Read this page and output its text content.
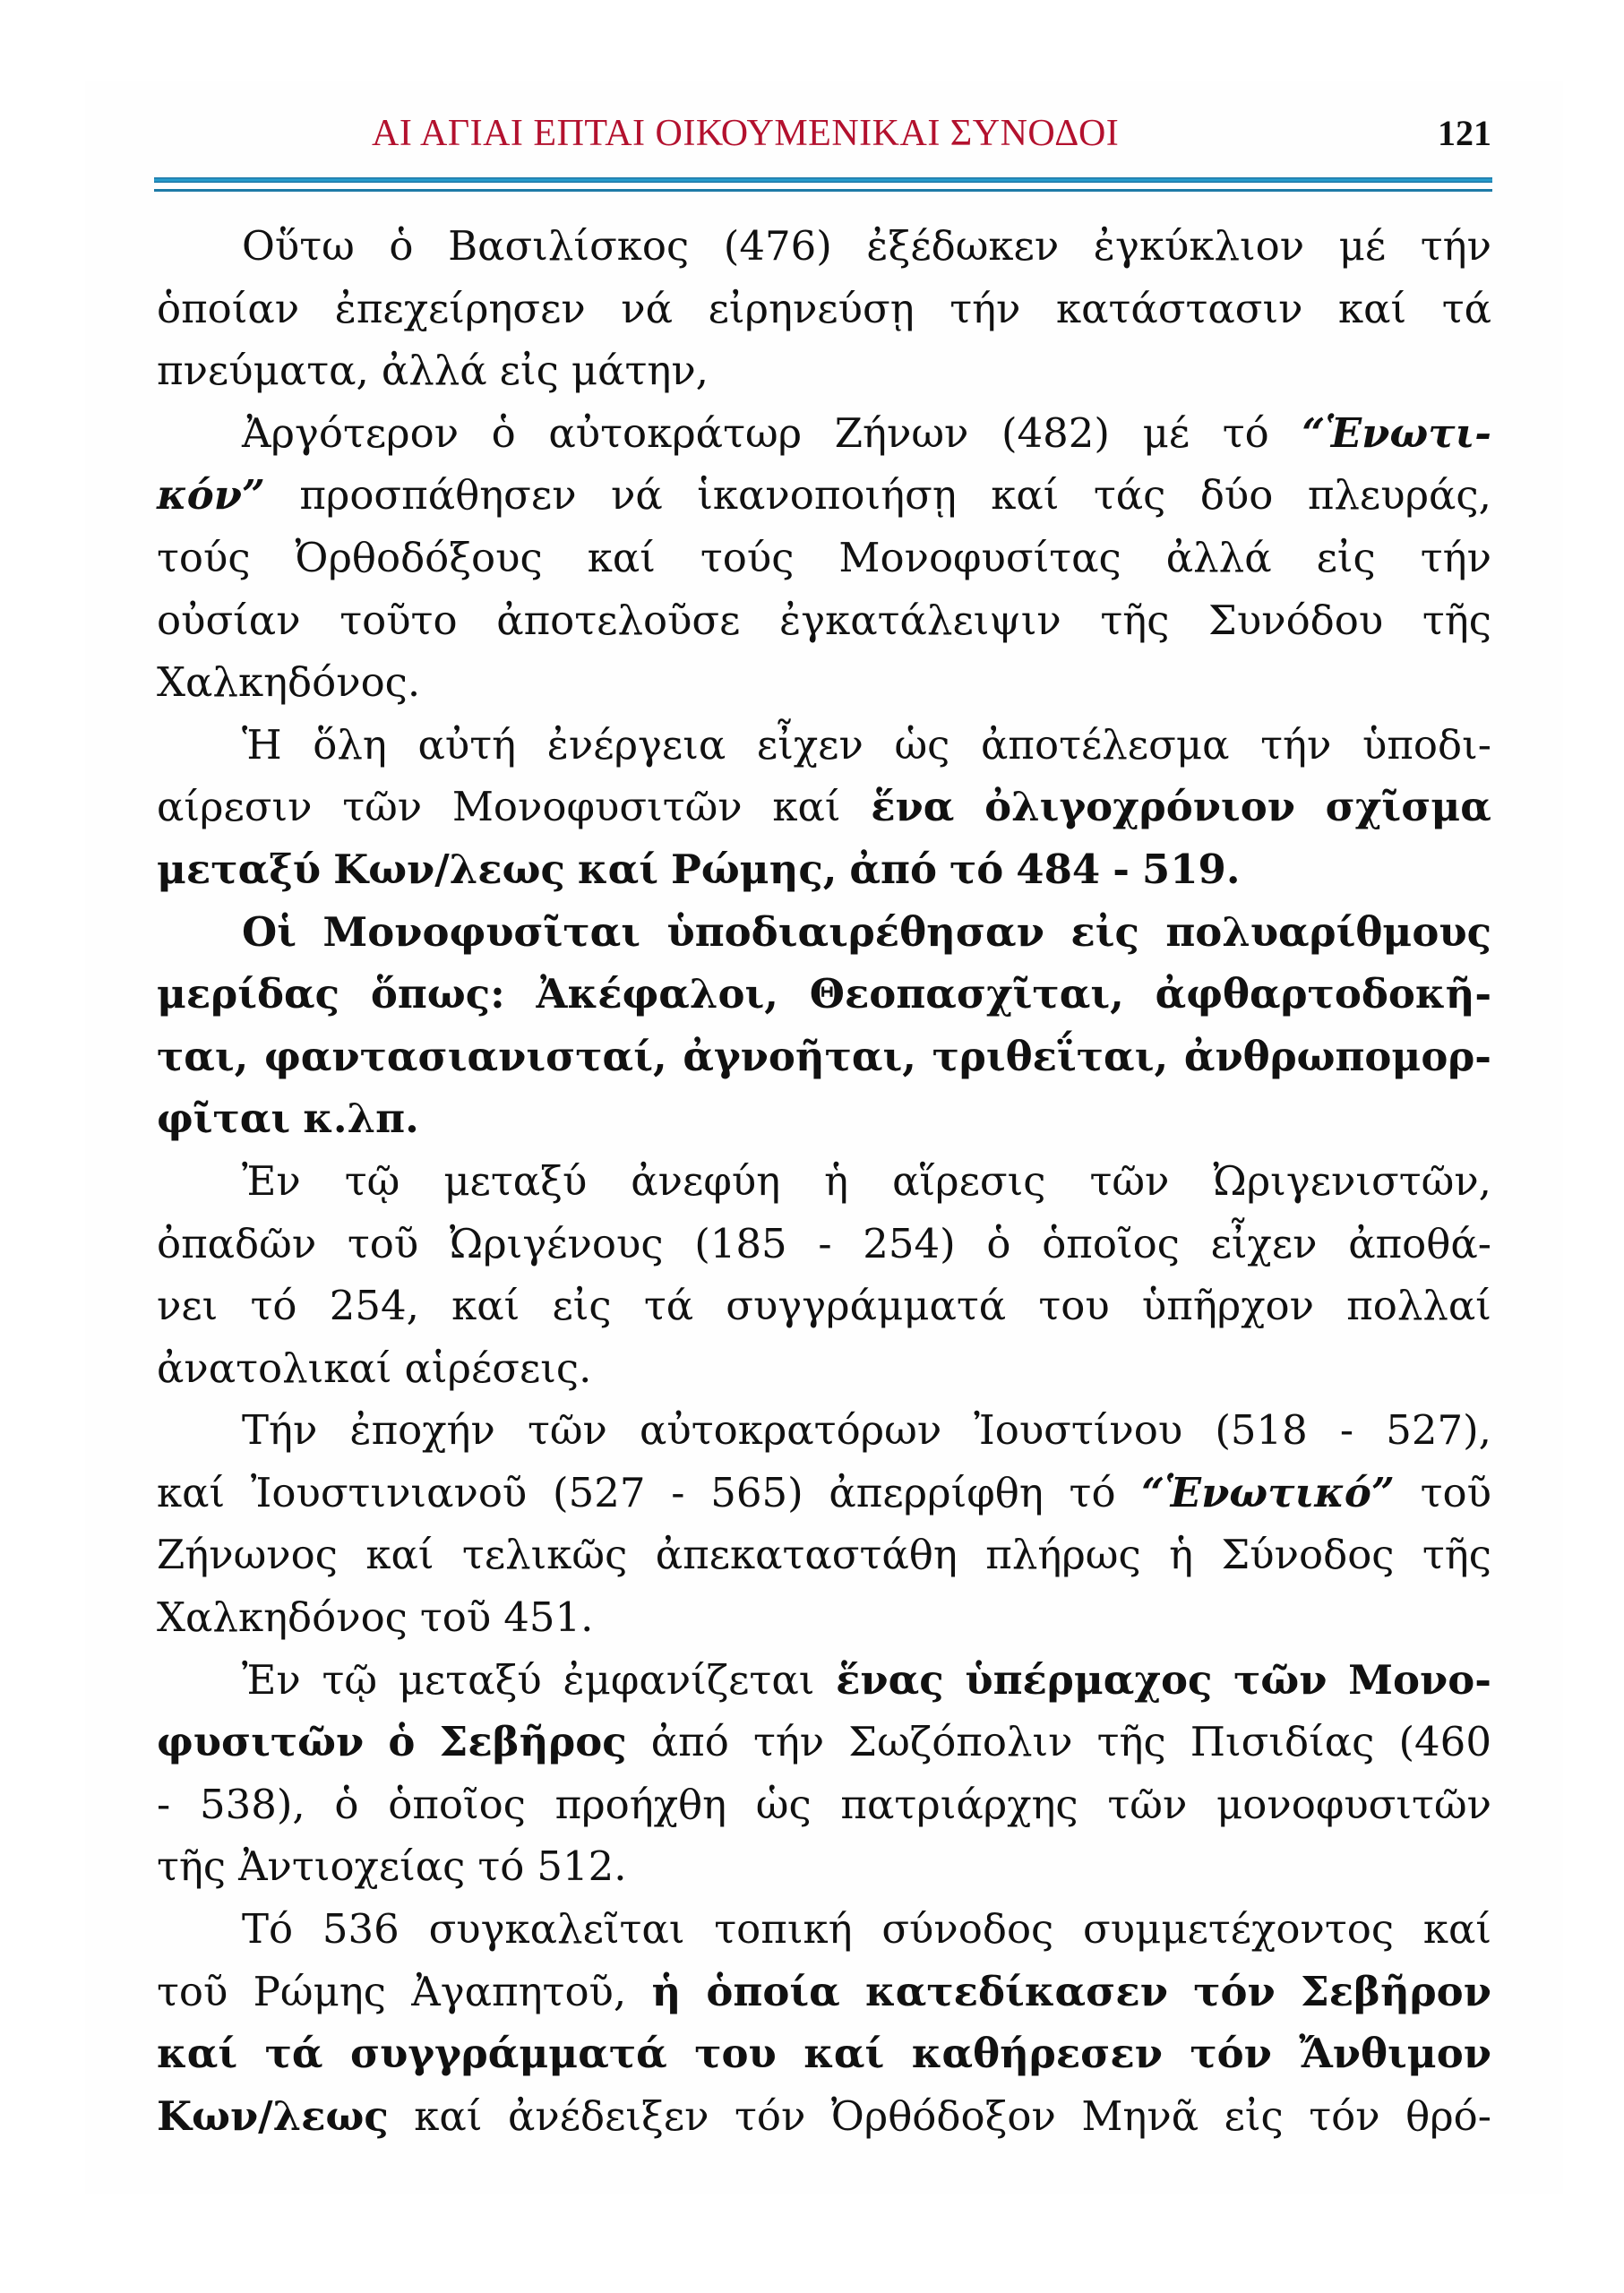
ΑΙ ΑΓΙΑΙ ΕΠΤΑΙ ΟΙΚΟΥΜΕΝΙΚΑΙ ΣΥΝΟΔΟΙ	121
Οὕτω ὁ Βασιλίσκος (476) ἐξέδωκεν ἐγκύκλιον μέ τήν
ὁποίαν ἐπεχείρησεν νά εἰρηνεύσῃ τήν κατάστασιν καί τά
πνεύματα, ἀλλά εἰς μάτην,
Ἀργότερον ὁ αὐτοκράτωρ Ζήνων (482) μέ τό “Ἑνωτι-
κόν” προσπάθησεν νά ἱκανοποιήσῃ καί τάς δύο πλευράς,
τούς Ὀρθοδόξους καί τούς Μονοφυσίτας ἀλλά εἰς τήν
οὐσίαν τοῦτο ἀποτελοῦσε ἐγκατάλειψιν τῆς Συνόδου τῆς
Χαλκηδόνος.
Ἡ ὅλη αὐτή ἐνέργεια εἶχεν ὡς ἀποτέλεσμα τήν ὑποδι-
αίρεσιν τῶν Μονοφυσιτῶν καί ἕνα ὀλιγοχρόνιον σχῖσμα
μεταξύ Κων/λεως καί Ρώμης, ἀπό τό 484 - 519.
Οἱ Μονοφυσῖται ὑποδιαιρέθησαν εἰς πολυαρίθμους
μερίδας ὅπως: Ἀκέφαλοι, Θεοπασχῖται, ἀφθαρτοδοκῆ-
ται, φαντασιανισταί, ἀγνοῆται, τριθεΐται, ἀνθρωπομορ-
φῖται κ.λπ.
Ἐν τῷ μεταξύ ἀνεφύη ἡ αἵρεσις τῶν Ὠριγενιστῶν,
ὀπαδῶν τοῦ Ὠριγένους (185 - 254) ὁ ὁποῖος εἶχεν ἀποθά-
νει τό 254, καί εἰς τά συγγράμματά του ὑπῆρχον πολλαί
ἀνατολικαί αἱρέσεις.
Τήν ἐποχήν τῶν αὐτοκρατόρων Ἰουστίνου (518 - 527),
καί Ἰουστινιανοῦ (527 - 565) ἀπερρίφθη τό “Ἑνωτικό” τοῦ
Ζήνωνος καί τελικῶς ἀπεκαταστάθη πλήρως ἡ Σύνοδος τῆς
Χαλκηδόνος τοῦ 451.
Ἐν τῷ μεταξύ ἐμφανίζεται ἕνας ὑπέρμαχος τῶν Μονο-
φυσιτῶν ὁ Σεβῆρος ἀπό τήν Σωζόπολιν τῆς Πισιδίας (460
- 538), ὁ ὁποῖος προήχθη ὡς πατριάρχης τῶν μονοφυσιτῶν
τῆς Ἀντιοχείας τό 512.
Τό 536 συγκαλεῖται τοπική σύνοδος συμμετέχοντος καί
τοῦ Ρώμης Ἀγαπητοῦ, ἡ ὁποία κατεδίκασεν τόν Σεβῆρον
καί τά συγγράμματά του καί καθήρεσεν τόν Ἄνθιμον
Κων/λεως καί ἀνέδειξεν τόν Ὀρθόδοξον Μηνᾶ εἰς τόν θρό-
